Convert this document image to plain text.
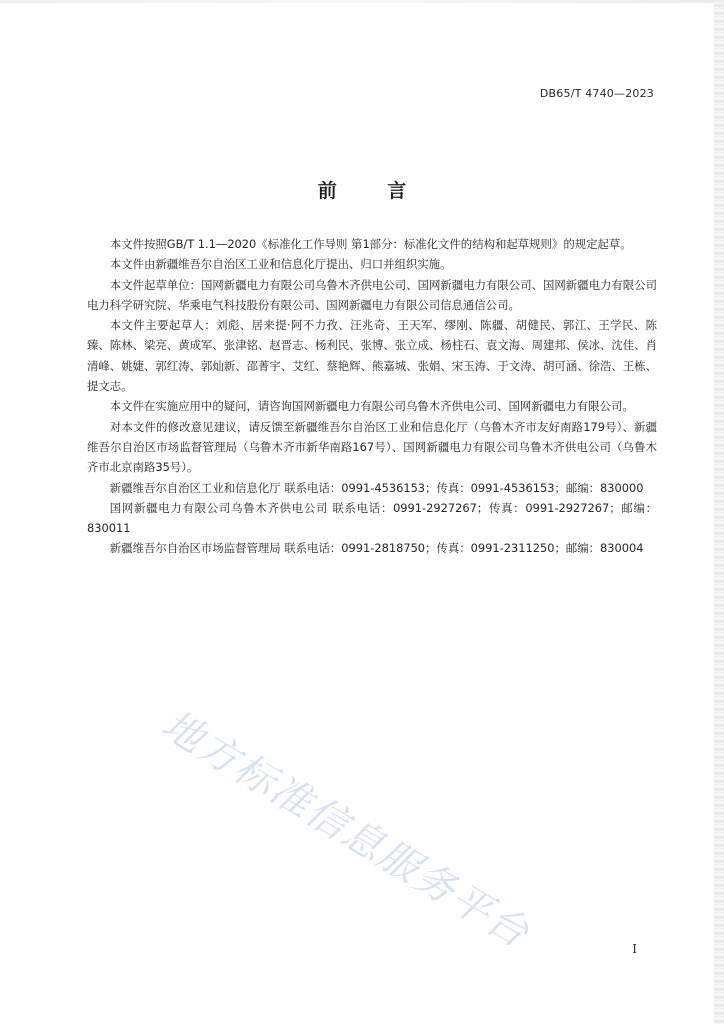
DB65/T 4740—2023
前 言

本文件按照GB/T 1.1—2020《标准化工作导则 第1部分：标准化文件的结构和起草规则》的规定起草。

本文件由新疆维吾尔自治区工业和信息化厅提出、归口并组织实施。

本文件起草单位：国网新疆电力有限公司乌鲁木齐供电公司、国网新疆电力有限公司、国网新疆电力有限公司电力科学研究院、华乘电气科技股份有限公司、国网新疆电力有限公司信息通信公司。

本文件主要起草人：刘彪、居来提·阿不力孜、汪兆奇、王天军、缪刚、陈疆、胡健民、郭江、王学民、陈臻、陈林、梁亮、黄成军、张津铭、赵晋志、杨利民、张博、张立成、杨柱石、袁文海、周建邦、侯冰、沈佳、肖清峰、姚婕、郭红涛、郭灿新、邵菁宇、艾红、蔡艳辉、熊嘉城、张娟、宋玉涛、于文涛、胡可涵、徐浩、王栋、提文志。

本文件在实施应用中的疑问，请咨询国网新疆电力有限公司乌鲁木齐供电公司、国网新疆电力有限公司。

对本文件的修改意见建议，请反馈至新疆维吾尔自治区工业和信息化厅（乌鲁木齐市友好南路179号）、新疆维吾尔自治区市场监督管理局（乌鲁木齐市新华南路167号）、国网新疆电力有限公司乌鲁木齐供电公司（乌鲁木齐市北京南路35号）。

新疆维吾尔自治区工业和信息化厅 联系电话：0991-4536153；传真：0991-4536153；邮编：830000

国网新疆电力有限公司乌鲁木齐供电公司 联系电话：0991-2927267；传真：0991-2927267；邮编：830011

新疆维吾尔自治区市场监督管理局 联系电话：0991-2818750；传真：0991-2311250；邮编：830004

地方标准信息服务平台	I
